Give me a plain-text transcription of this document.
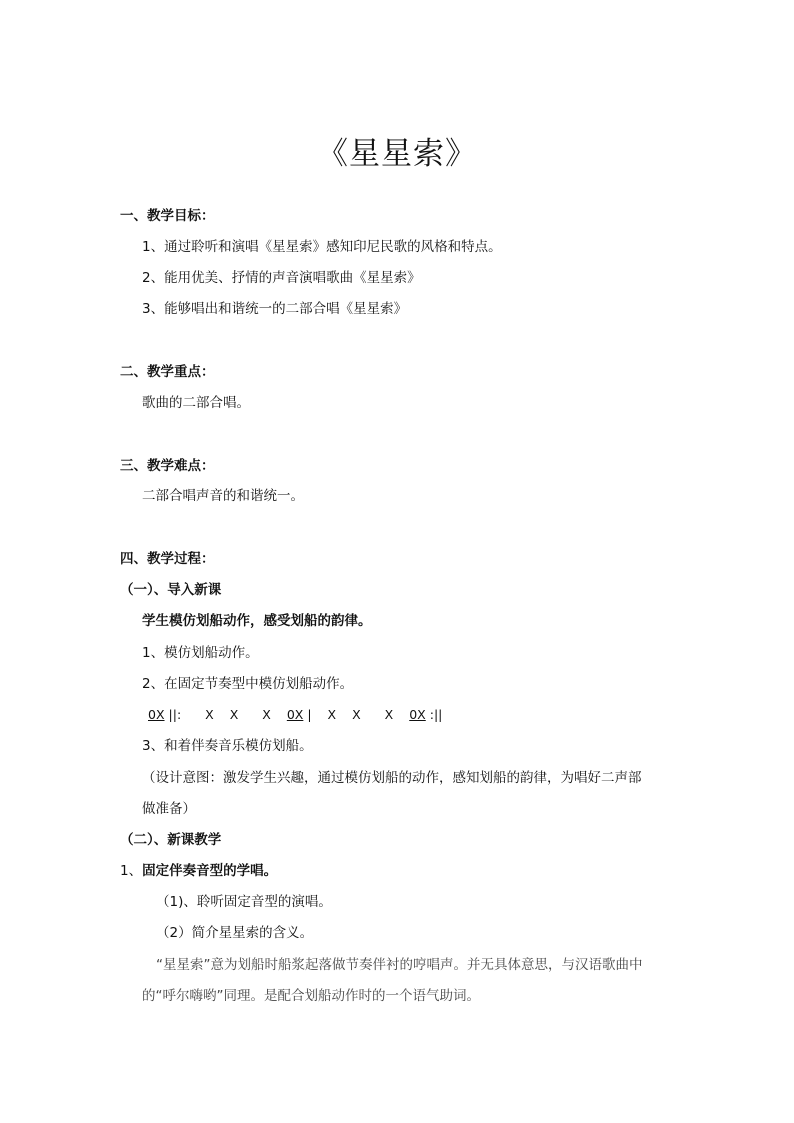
《星星索》
一、教学目标：
1、通过聆听和演唱《星星索》感知印尼民歌的风格和特点。
2、能用优美、抒情的声音演唱歌曲《星星索》
3、能够唱出和谐统一的二部合唱《星星索》
二、教学重点：
歌曲的二部合唱。
三、教学难点：
二部合唱声音的和谐统一。
四、教学过程：
（一）、导入新课
学生模仿划船动作，感受划船的韵律。
1、模仿划船动作。
2、在固定节奏型中模仿划船动作。
0X ||: X X X 0X | X X X 0X :||
3、和着伴奏音乐模仿划船。
（设计意图：激发学生兴趣，通过模仿划船的动作，感知划船的韵律，为唱好二声部
做准备）
（二）、新课教学
1、固定伴奏音型的学唱。
（1)、聆听固定音型的演唱。
（2）简介星星索的含义。
“星星索”意为划船时船浆起落做节奏伴衬的哼唱声。并无具体意思，与汉语歌曲中
的“呼尔嗨哟”同理。是配合划船动作时的一个语气助词。
